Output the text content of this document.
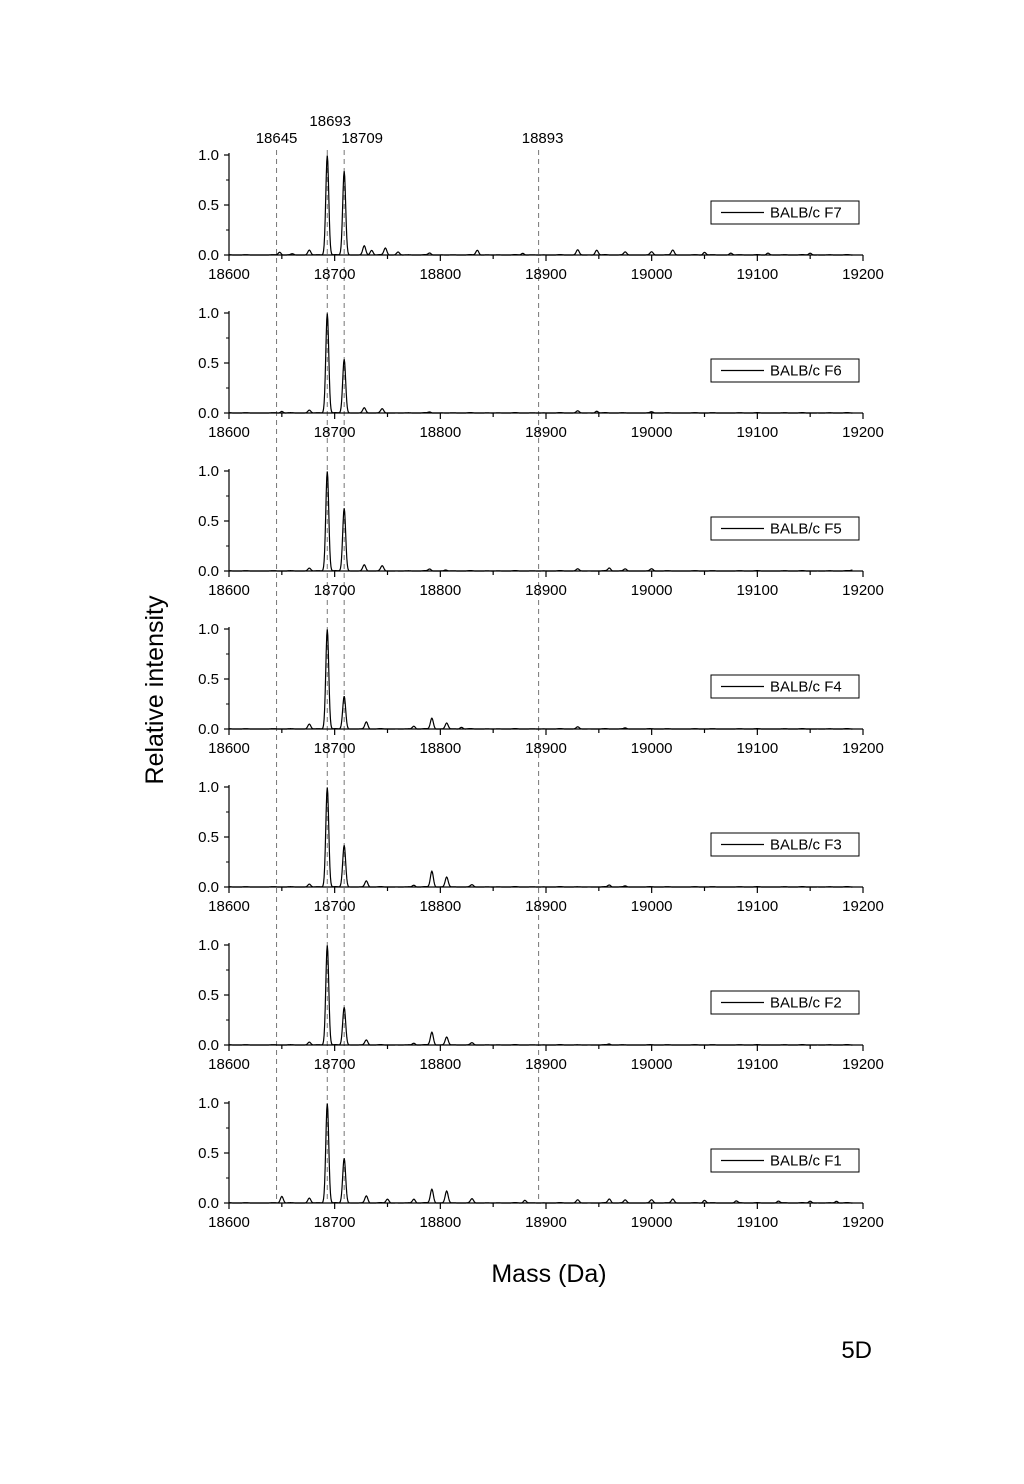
18645
18693
18709	18893
0.0
0.5
1.0
18600	18700	18800	18900	19000	19100	19200
BALB/c F7
0.0
0.5
1.0
18600	18700	18800	18900	19000	19100	19200
BALB/c F6
0.0
0.5
1.0
18600	18700	18800	18900	19000	19100	19200
BALB/c F5
0.0
0.5
1.0
18600	18700	18800	18900	19000	19100	19200
BALB/c F4
0.0
0.5
1.0
18600	18700	18800	18900	19000	19100	19200
BALB/c F3
0.0
0.5
1.0
18600	18700	18800	18900	19000	19100	19200
BALB/c F2
0.0
0.5
1.0
18600	18700	18800	18900	19000	19100	19200
BALB/c F1
Mass (Da)
Relative intensity
5D
